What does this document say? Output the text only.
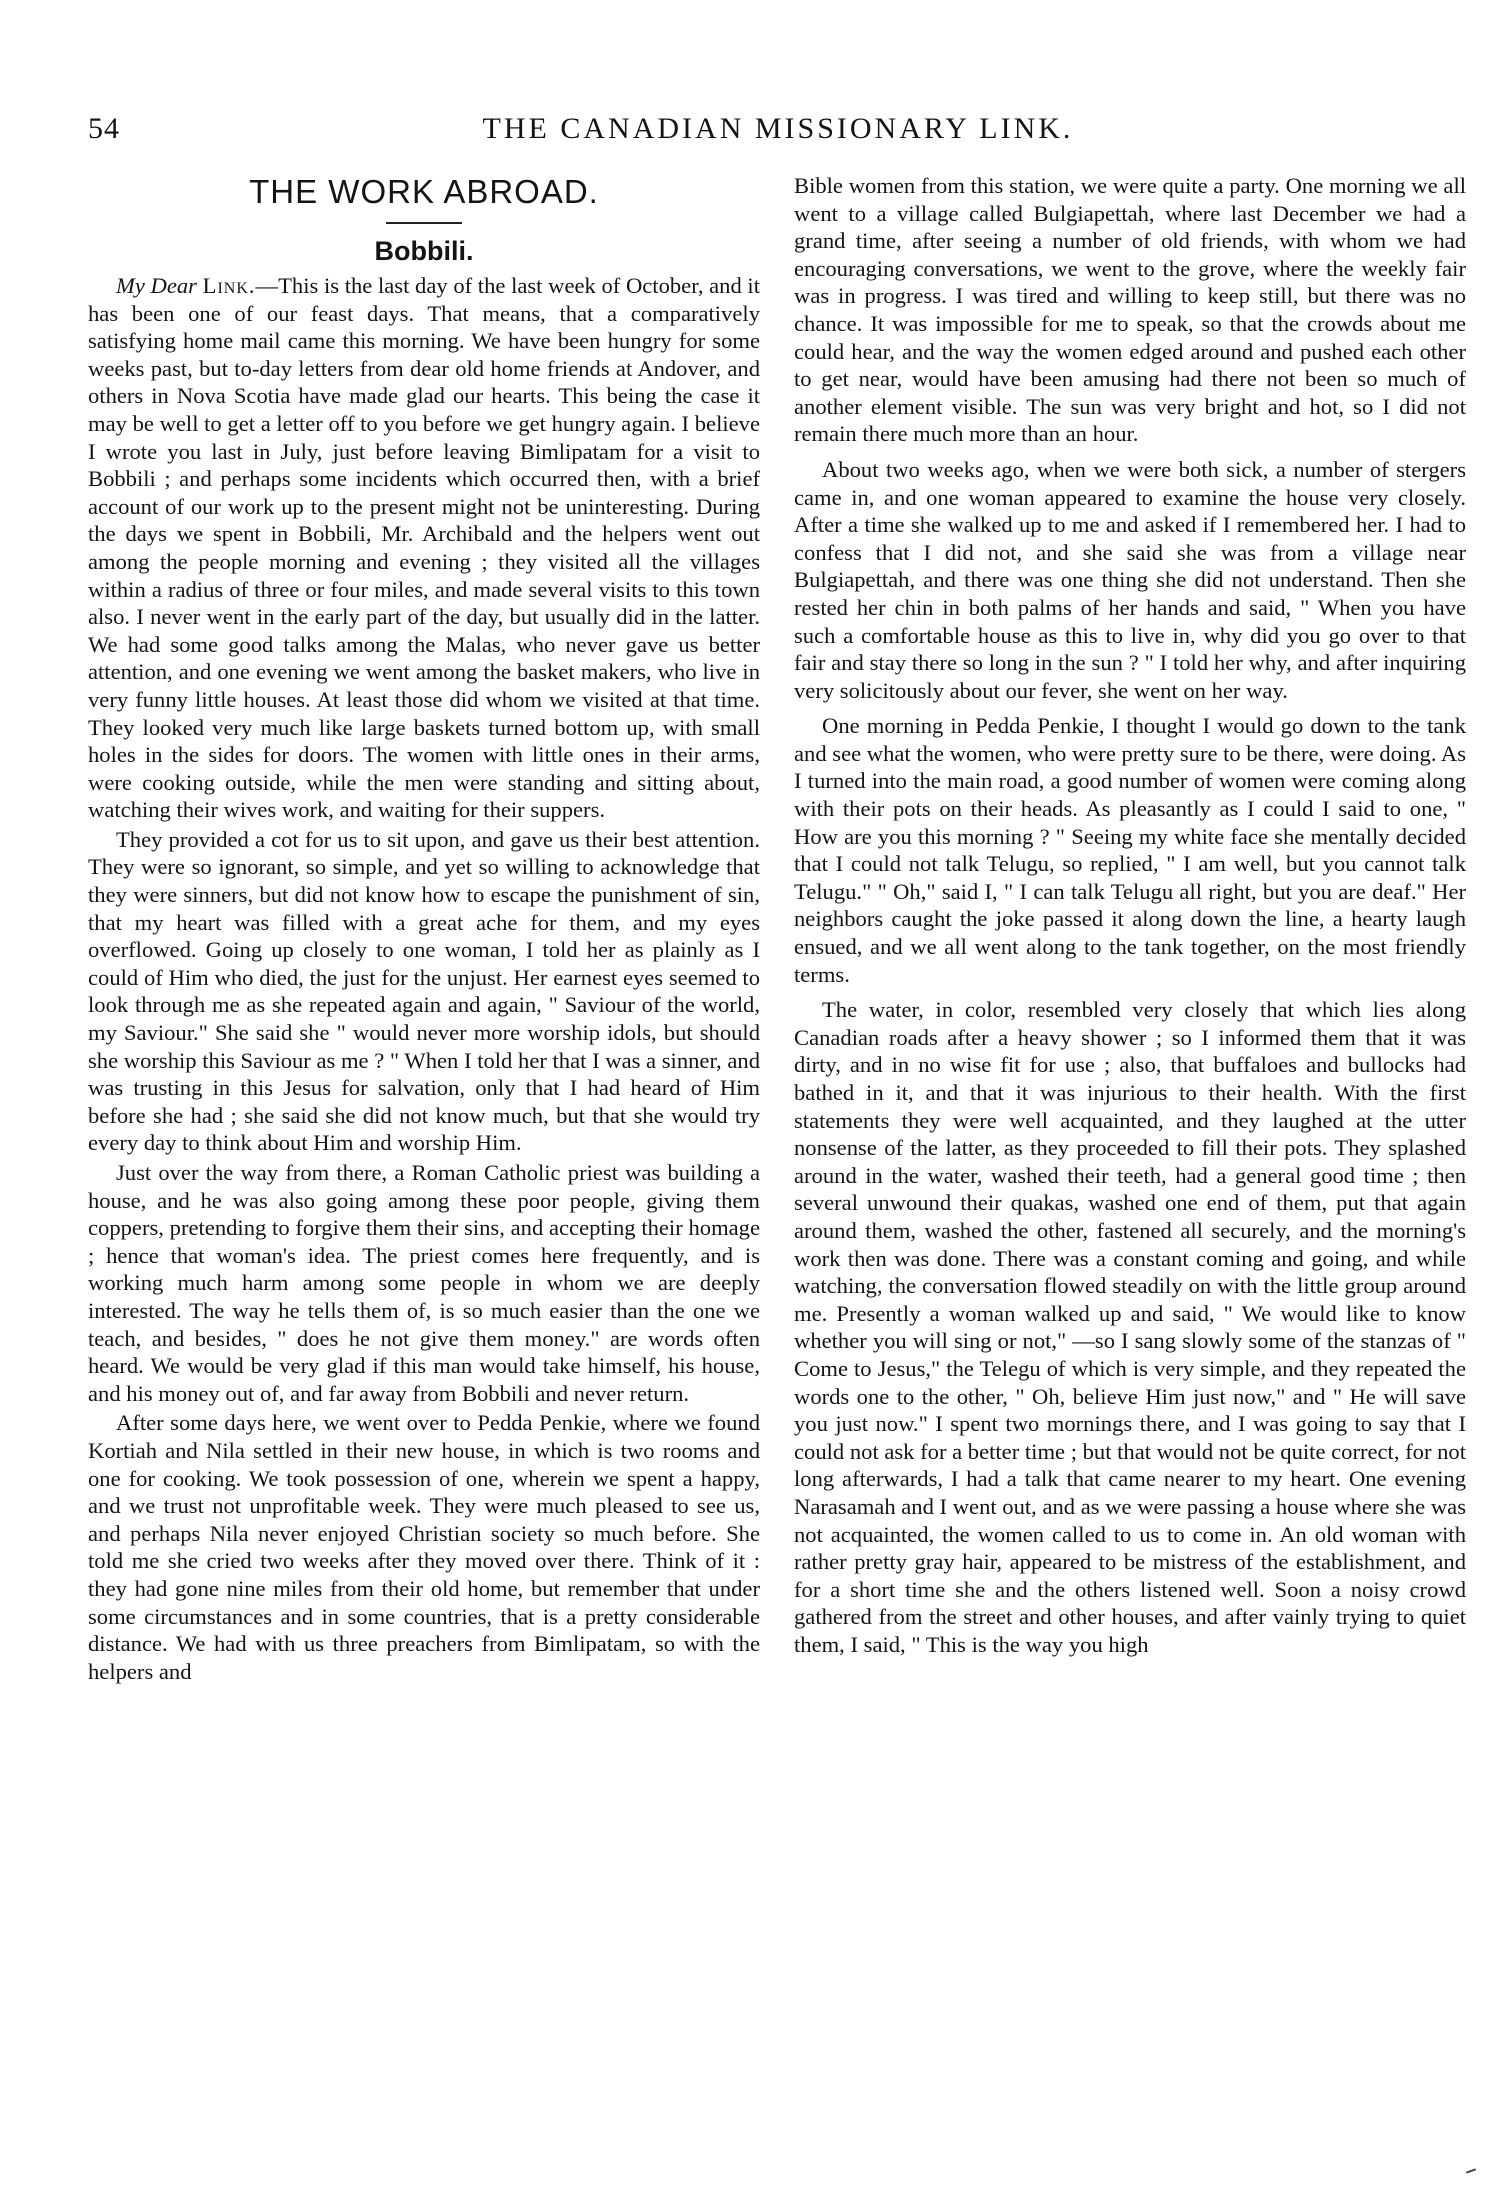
54	THE CANADIAN MISSIONARY LINK.
THE WORK ABROAD.
Bobbili.

My Dear Link.—This is the last day of the last week of October, and it has been one of our feast days. That means, that a comparatively satisfying home mail came this morning. We have been hungry for some weeks past, but to-day letters from dear old home friends at Andover, and others in Nova Scotia have made glad our hearts. This being the case it may be well to get a letter off to you before we get hungry again. I believe I wrote you last in July, just before leaving Bimlipatam for a visit to Bobbili ; and perhaps some incidents which occurred then, with a brief account of our work up to the present might not be uninteresting. During the days we spent in Bobbili, Mr. Archibald and the helpers went out among the people morning and evening ; they visited all the villages within a radius of three or four miles, and made several visits to this town also. I never went in the early part of the day, but usually did in the latter. We had some good talks among the Malas, who never gave us better attention, and one evening we went among the basket makers, who live in very funny little houses. At least those did whom we visited at that time. They looked very much like large baskets turned bottom up, with small holes in the sides for doors. The women with little ones in their arms, were cooking outside, while the men were standing and sitting about, watching their wives work, and waiting for their suppers.

They provided a cot for us to sit upon, and gave us their best attention. They were so ignorant, so simple, and yet so willing to acknowledge that they were sinners, but did not know how to escape the punishment of sin, that my heart was filled with a great ache for them, and my eyes overflowed. Going up closely to one woman, I told her as plainly as I could of Him who died, the just for the unjust. Her earnest eyes seemed to look through me as she repeated again and again, " Saviour of the world, my Saviour." She said she " would never more worship idols, but should she worship this Saviour as me ? " When I told her that I was a sinner, and was trusting in this Jesus for salvation, only that I had heard of Him before she had ; she said she did not know much, but that she would try every day to think about Him and worship Him.

Just over the way from there, a Roman Catholic priest was building a house, and he was also going among these poor people, giving them coppers, pretending to forgive them their sins, and accepting their homage ; hence that woman's idea. The priest comes here frequently, and is working much harm among some people in whom we are deeply interested. The way he tells them of, is so much easier than the one we teach, and besides, " does he not give them money." are words often heard. We would be very glad if this man would take himself, his house, and his money out of, and far away from Bobbili and never return.

After some days here, we went over to Pedda Penkie, where we found Kortiah and Nila settled in their new house, in which is two rooms and one for cooking. We took possession of one, wherein we spent a happy, and we trust not unprofitable week. They were much pleased to see us, and perhaps Nila never enjoyed Christian society so much before. She told me she cried two weeks after they moved over there. Think of it : they had gone nine miles from their old home, but remember that under some circumstances and in some countries, that is a pretty considerable distance. We had with us three preachers from Bimlipatam, so with the helpers and

Bible women from this station, we were quite a party. One morning we all went to a village called Bulgiapettah, where last December we had a grand time, after seeing a number of old friends, with whom we had encouraging conversations, we went to the grove, where the weekly fair was in progress. I was tired and willing to keep still, but there was no chance. It was impossible for me to speak, so that the crowds about me could hear, and the way the women edged around and pushed each other to get near, would have been amusing had there not been so much of another element visible. The sun was very bright and hot, so I did not remain there much more than an hour.

About two weeks ago, when we were both sick, a number of stergers came in, and one woman appeared to examine the house very closely. After a time she walked up to me and asked if I remembered her. I had to confess that I did not, and she said she was from a village near Bulgiapettah, and there was one thing she did not understand. Then she rested her chin in both palms of her hands and said, " When you have such a comfortable house as this to live in, why did you go over to that fair and stay there so long in the sun ? " I told her why, and after inquiring very solicitously about our fever, she went on her way.

One morning in Pedda Penkie, I thought I would go down to the tank and see what the women, who were pretty sure to be there, were doing. As I turned into the main road, a good number of women were coming along with their pots on their heads. As pleasantly as I could I said to one, " How are you this morning ? " Seeing my white face she mentally decided that I could not talk Telugu, so replied, " I am well, but you cannot talk Telugu." " Oh," said I, " I can talk Telugu all right, but you are deaf." Her neighbors caught the joke passed it along down the line, a hearty laugh ensued, and we all went along to the tank together, on the most friendly terms.

The water, in color, resembled very closely that which lies along Canadian roads after a heavy shower ; so I informed them that it was dirty, and in no wise fit for use ; also, that buffaloes and bullocks had bathed in it, and that it was injurious to their health. With the first statements they were well acquainted, and they laughed at the utter nonsense of the latter, as they proceeded to fill their pots. They splashed around in the water, washed their teeth, had a general good time ; then several unwound their quakas, washed one end of them, put that again around them, washed the other, fastened all securely, and the morning's work then was done. There was a constant coming and going, and while watching, the conversation flowed steadily on with the little group around me. Presently a woman walked up and said, " We would like to know whether you will sing or not," —so I sang slowly some of the stanzas of " Come to Jesus," the Telegu of which is very simple, and they repeated the words one to the other, " Oh, believe Him just now," and " He will save you just now." I spent two mornings there, and I was going to say that I could not ask for a better time ; but that would not be quite correct, for not long afterwards, I had a talk that came nearer to my heart. One evening Narasamah and I went out, and as we were passing a house where she was not acquainted, the women called to us to come in. An old woman with rather pretty gray hair, appeared to be mistress of the establishment, and for a short time she and the others listened well. Soon a noisy crowd gathered from the street and other houses, and after vainly trying to quiet them, I said, " This is the way you high
